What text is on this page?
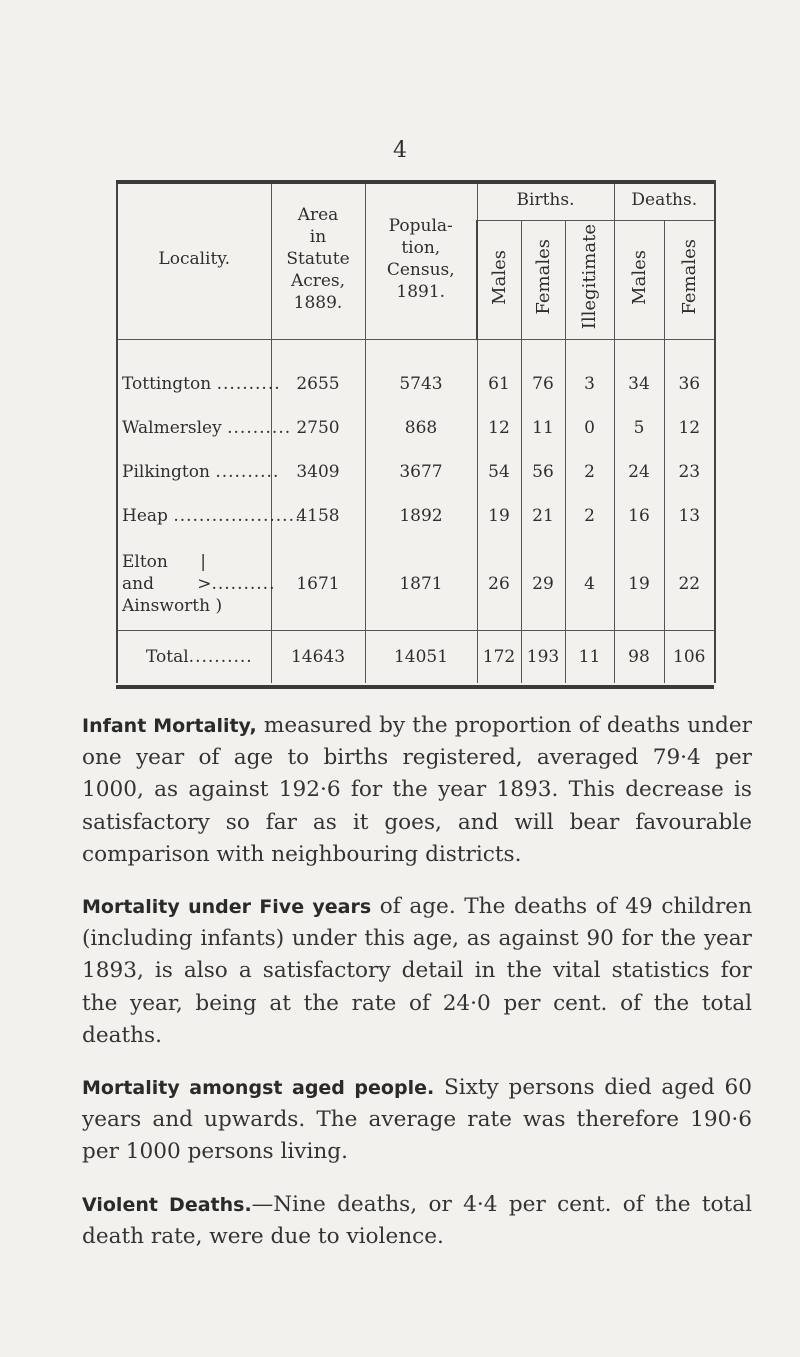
4
Locality.	Area
in
Statute
Acres,
1889.	Popula-
tion,
Census,
1891.	Births.			Deaths.	
			Males	Females	Illegitimate	Males	Females

Tottington ..........	2655	5743	61	76	3	34	36
Walmersley ..........	2750	868	12	11	0	5	12
Pilkington ..........	3409	3677	54	56	2	24	23
Heap ....................	4158	1892	19	21	2	16	13
Elton      |
and        >..........
Ainsworth )	1671	1871	26	29	4	19	22
Total..........	14643	14051	172	193	11	98	106

Infant Mortality, measured by the proportion of deaths under one year of age to births registered, averaged 79·4 per 1000, as against 192·6 for the year 1893. This decrease is satisfactory so far as it goes, and will bear favourable comparison with neighbouring districts.

Mortality under Five years of age. The deaths of 49 children (including infants) under this age, as against 90 for the year 1893, is also a satisfactory detail in the vital statistics for the year, being at the rate of 24·0 per cent. of the total deaths.

Mortality amongst aged people. Sixty persons died aged 60 years and upwards. The average rate was therefore 190·6 per 1000 persons living.

Violent Deaths.—Nine deaths, or 4·4 per cent. of the total death rate, were due to violence.
